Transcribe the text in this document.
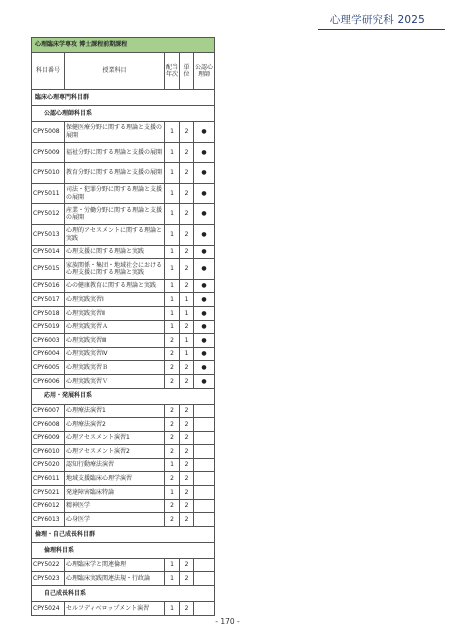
心理学研究科 2025
心理臨床学専攻 博士課程前期課程				
科目番号	授業科目	配当年次	単位	公認心理師
臨床心理専門科目群				
公認心理師科目系				
CPY5008	保健医療分野に関する理論と支援の展開	1	2	●
CPY5009	福祉分野に関する理論と支援の展開	1	2	●
CPY5010	教育分野に関する理論と支援の展開	1	2	●
CPY5011	司法・犯罪分野に関する理論と支援の展開	1	2	●
CPY5012	産業・労働分野に関する理論と支援の展開	1	2	●
CPY5013	心理的アセスメントに関する理論と実践	1	2	●
CPY5014	心理支援に関する理論と実践	1	2	●
CPY5015	家族関係・集団・地域社会における心理支援に関する理論と実践	1	2	●
CPY5016	心の健康教育に関する理論と実践	1	2	●
CPY5017	心理実践実習Ⅰ	1	1	●
CPY5018	心理実践実習Ⅱ	1	1	●
CPY5019	心理実践実習Ａ	1	2	●
CPY6003	心理実践実習Ⅲ	2	1	●
CPY6004	心理実践実習Ⅳ	2	1	●
CPY6005	心理実践実習Ｂ	2	2	●
CPY6006	心理実践実習Ｖ	2	2	●
応用・発展科目系				
CPY6007	心理療法演習1	2	2	
CPY6008	心理療法演習2	2	2	
CPY6009	心理アセスメント演習1	2	2	
CPY6010	心理アセスメント演習2	2	2	
CPY5020	認知行動療法演習	1	2	
CPY6011	地域支援臨床心理学演習	2	2	
CPY5021	発達障害臨床特論	1	2	
CPY6012	精神医学	2	2	
CPY6013	心身医学	2	2	
倫理・自己成長科目群				
倫理科目系				
CPY5022	心理臨床学と関連倫理	1	2	
CPY5023	心理臨床実践関連法規・行政論	1	2	
自己成長科目系				
CPY5024	セルフディベロップメント演習	1	2	
- 170 -
